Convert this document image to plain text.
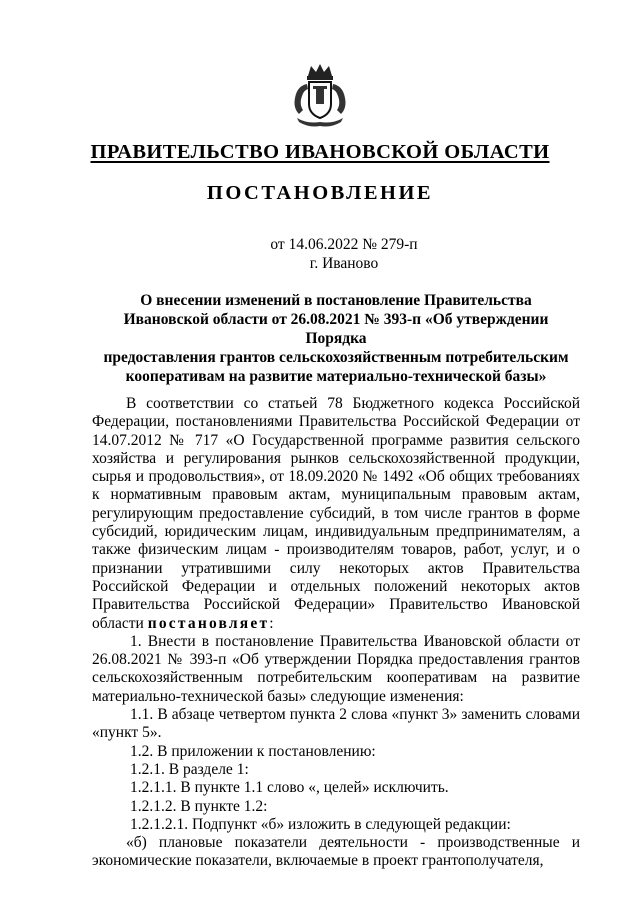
ПРАВИТЕЛЬСТВО ИВАНОВСКОЙ ОБЛАСТИ
ПОСТАНОВЛЕНИЕ
от 14.06.2022 № 279-п
г. Иваново
О внесении изменений в постановление Правительства
Ивановской области от 26.08.2021 № 393-п «Об утверждении Порядка
предоставления грантов сельскохозяйственным потребительским
кооперативам на развитие материально-технической базы»

В соответствии со статьей 78 Бюджетного кодекса Российской Федерации, постановлениями Правительства Российской Федерации от 14.07.2012 № 717 «О Государственной программе развития сельского хозяйства и регулирования рынков сельскохозяйственной продукции, сырья и продовольствия», от 18.09.2020 № 1492 «Об общих требованиях к нормативным правовым актам, муниципальным правовым актам, регулирующим предоставление субсидий, в том числе грантов в форме субсидий, юридическим лицам, индивидуальным предпринимателям, а также физическим лицам - производителям товаров, работ, услуг, и о признании утратившими силу некоторых актов Правительства Российской Федерации и отдельных положений некоторых актов Правительства Российской Федерации» Правительство Ивановской области постановляет:

1. Внести в постановление Правительства Ивановской области от 26.08.2021 № 393-п «Об утверждении Порядка предоставления грантов сельскохозяйственным потребительским кооперативам на развитие материально-технической базы» следующие изменения:

1.1. В абзаце четвертом пункта 2 слова «пункт 3» заменить словами «пункт 5».

1.2. В приложении к постановлению:

1.2.1. В разделе 1:

1.2.1.1. В пункте 1.1 слово «, целей» исключить.

1.2.1.2. В пункте 1.2:

1.2.1.2.1. Подпункт «б» изложить в следующей редакции:

«б) плановые показатели деятельности - производственные и экономические показатели, включаемые в проект грантополучателя,
